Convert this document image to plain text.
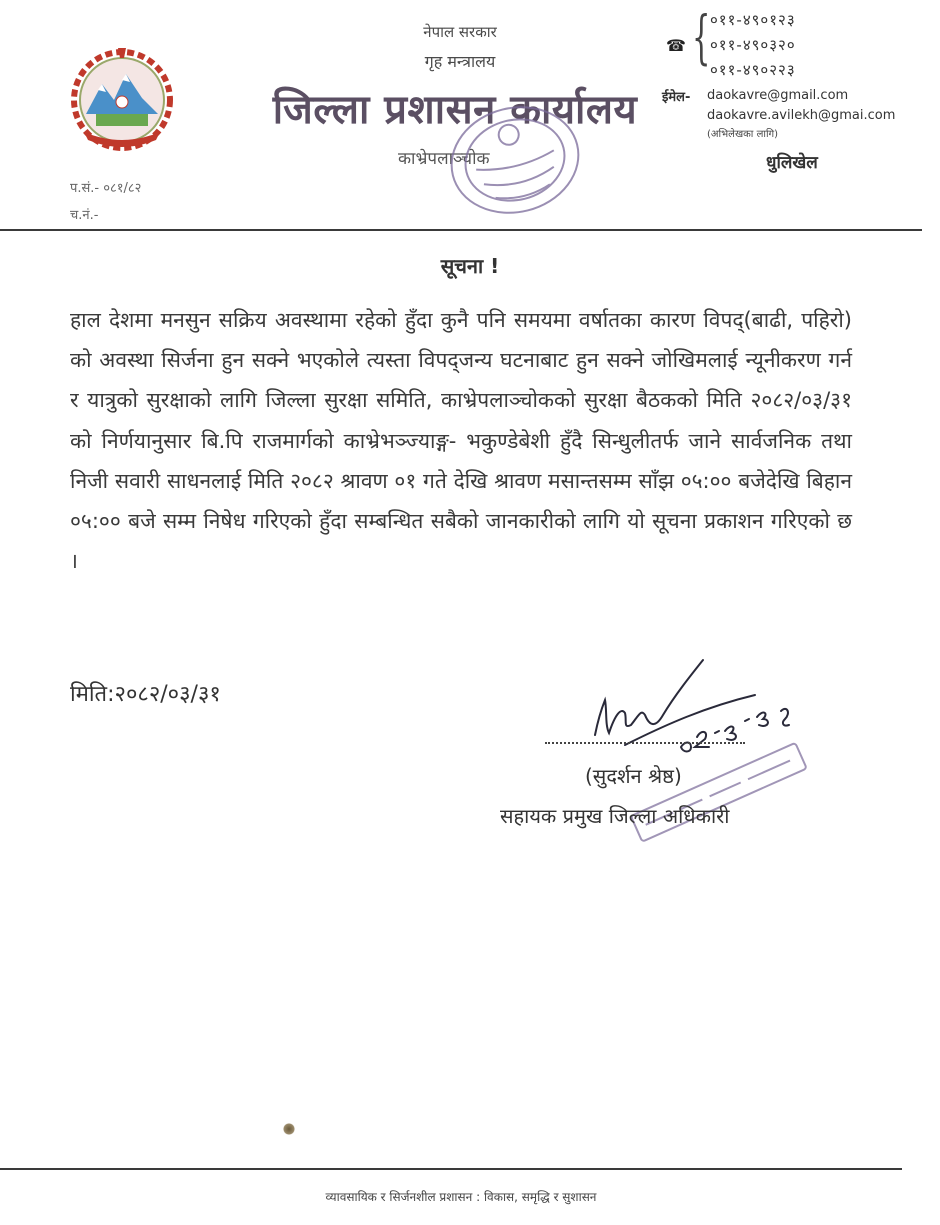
नेपाल सरकार
गृह मन्त्रालय
जिल्ला प्रशासन कार्यालय
काभ्रेपलाञ्चोक
☎ { ०११-४९०१२३
०११-४९०३२०
०११-४९०२२३
ईमेल- daokavre@gmail.com
daokavre.avilekh@gmai.com
(अभिलेखका लागि)
धुलिखेल
प.सं.- ०८१/८२
च.नं.-
सूचना !
हाल देशमा मनसुन सक्रिय अवस्थामा रहेको हुँदा कुनै पनि समयमा वर्षातका कारण विपद्(बाढी, पहिरो) को अवस्था सिर्जना हुन सक्ने भएकोले त्यस्ता विपद्जन्य घटनाबाट हुन सक्ने जोखिमलाई न्यूनीकरण गर्न र यात्रुको सुरक्षाको लागि जिल्ला सुरक्षा समिति, काभ्रेपलाञ्चोकको सुरक्षा बैठकको मिति २०८२/०३/३१ को निर्णयानुसार बि.पि राजमार्गको काभ्रेभञ्ज्याङ्ग- भकुण्डेबेशी हुँदै सिन्धुलीतर्फ जाने सार्वजनिक तथा निजी सवारी साधनलाई मिति २०८२ श्रावण ०१ गते देखि श्रावण मसान्तसम्म साँझ ०५:०० बजेदेखि बिहान ०५:०० बजे सम्म निषेध गरिएको हुँदा सम्बन्धित सबैको जानकारीको लागि यो सूचना प्रकाशन गरिएको छ ।
मिति:२०८२/०३/३१
(सुदर्शन श्रेष्ठ)
सहायक प्रमुख जिल्ला अधिकारी
व्यावसायिक र सिर्जनशील प्रशासन : विकास, समृद्धि र सुशासन
